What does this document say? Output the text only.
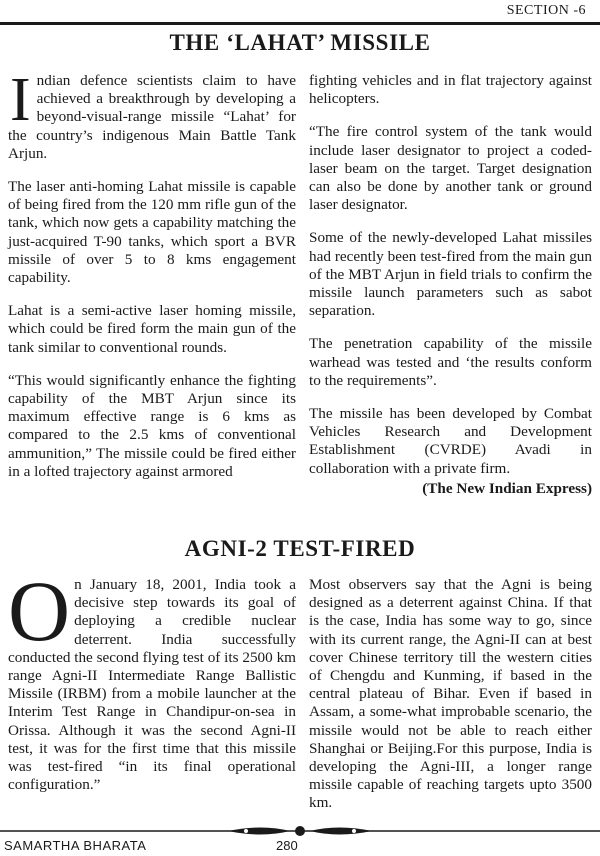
SECTION -6
THE ‘LAHAT’ MISSILE

Indian defence scientists claim to have achieved a breakthrough by developing a beyond-visual-range missile “Lahat’ for the country’s indigenous Main Battle Tank Arjun.

The laser anti-homing Lahat missile is capable of being fired from the 120 mm rifle gun of the tank, which now gets a capability matching the just-acquired T-90 tanks, which sport a BVR missile of over 5 to 8 kms engagement capability.

Lahat is a semi-active laser homing missile, which could be fired form the main gun of the tank similar to conventional rounds.

“This would significantly enhance the fighting capability of the MBT Arjun since its maximum effective range is 6 kms as compared to the 2.5 kms of conventional ammunition,” The missile could be fired either in a lofted trajectory against armored

fighting vehicles and in flat trajectory against helicopters.

“The fire control system of the tank would include laser designator to project a coded-laser beam on the target. Target designation can also be done by another tank or ground laser designator.

Some of the newly-developed Lahat missiles had recently been test-fired from the main gun of the MBT Arjun in field trials to confirm the missile launch parameters such as sabot separation.

The penetration capability of the missile warhead was tested and ‘the results conform to the requirements”.

The missile has been developed by Combat Vehicles Research and Development Establishment (CVRDE) Avadi in collaboration with a private firm.

(The New Indian Express)
AGNI-2 TEST-FIRED

On January 18, 2001, India took a decisive step towards its goal of deploying a credible nuclear deterrent. India successfully conducted the second flying test of its 2500 km range Agni-II Intermediate Range Ballistic Missile (IRBM) from a mobile launcher at the Interim Test Range in Chandipur-on-sea in Orissa. Although it was the second Agni-II test, it was for the first time that this missile was test-fired “in its final operational configuration.”

Most observers say that the Agni is being designed as a deterrent against China. If that is the case, India has some way to go, since with its current range, the Agni-II can at best cover Chinese territory till the western cities of Chengdu and Kunming, if based in the central plateau of Bihar. Even if based in Assam, a some-what improbable scenario, the missile would not be able to reach either Shanghai or Beijing.For this purpose, India is developing the Agni-III, a longer range missile capable of reaching targets upto 3500 km.

SAMARTHA BHARATA	280
